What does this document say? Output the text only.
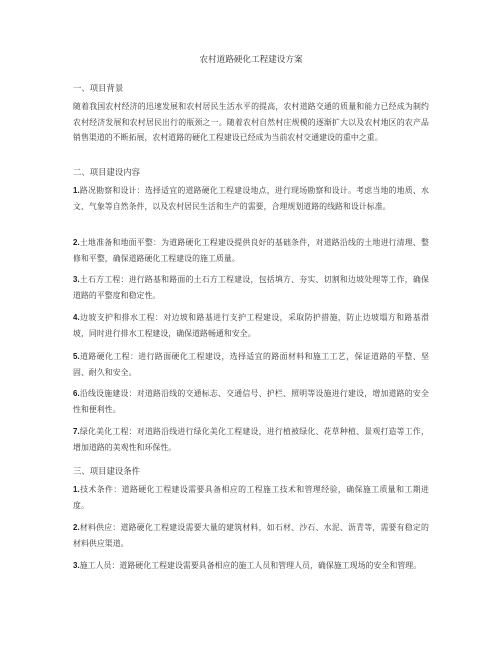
农村道路硬化工程建设方案
一、项目背景
随着我国农村经济的迅速发展和农村居民生活水平的提高，农村道路交通的质量和能力已经成为制约农村经济发展和农村居民出行的瓶颈之一。随着农村自然村庄规模的逐渐扩大以及农村地区的农产品销售渠道的不断拓展，农村道路的硬化工程建设已经成为当前农村交通建设的重中之重。
二、项目建设内容
1.路况勘察和设计：选择适宜的道路硬化工程建设地点，进行现场勘察和设计。考虑当地的地质、水文、气象等自然条件，以及农村居民生活和生产的需要，合理规划道路的线路和设计标准。
2.土地准备和地面平整：为道路硬化工程建设提供良好的基础条件，对道路沿线的土地进行清理、整修和平整，确保道路硬化工程建设的施工质量。
3.土石方工程：进行路基和路面的土石方工程建设，包括填方、夯实、切割和边坡处理等工作，确保道路的平整度和稳定性。
4.边坡支护和排水工程：对边坡和路基进行支护工程建设，采取防护措施，防止边坡塌方和路基滑坡，同时进行排水工程建设，确保道路畅通和安全。
5.道路硬化工程：进行路面硬化工程建设，选择适宜的路面材料和施工工艺，保证道路的平整、坚固、耐久和安全。
6.沿线设施建设：对道路沿线的交通标志、交通信号、护栏、照明等设施进行建设，增加道路的安全性和便利性。
7.绿化美化工程：对道路沿线进行绿化美化工程建设，进行植被绿化、花草种植、景观打造等工作，增加道路的美观性和环保性。
三、项目建设条件
1.技术条件：道路硬化工程建设需要具备相应的工程施工技术和管理经验，确保施工质量和工期进度。
2.材料供应：道路硬化工程建设需要大量的建筑材料，如石材、沙石、水泥、沥青等，需要有稳定的材料供应渠道。
3.施工人员：道路硬化工程建设需要具备相应的施工人员和管理人员，确保施工现场的安全和管理。
